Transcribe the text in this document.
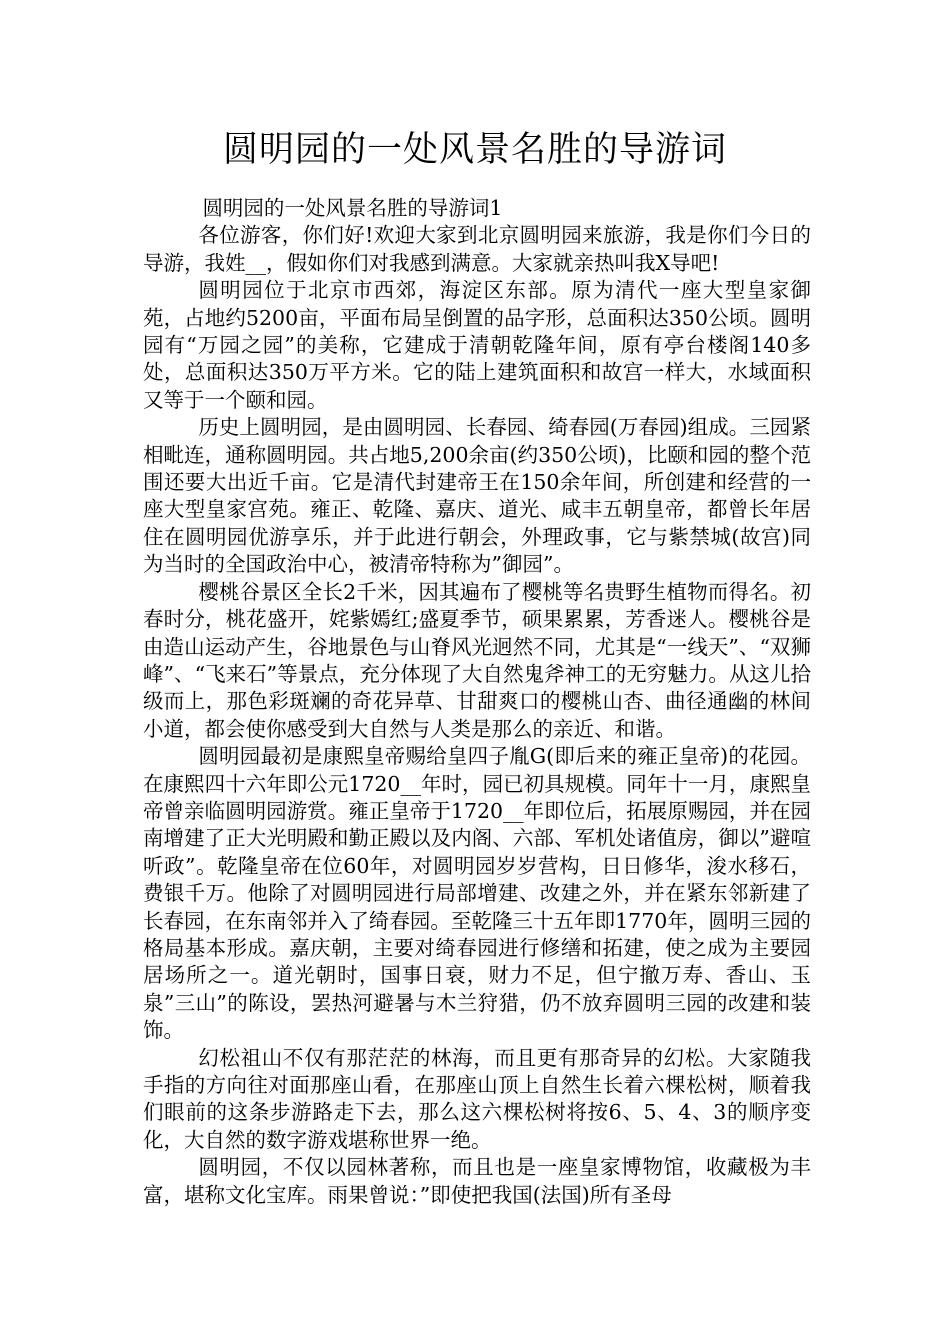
圆明园的一处风景名胜的导游词

圆明园的一处风景名胜的导游词1

各位游客，你们好!欢迎大家到北京圆明园来旅游，我是你们今日的导游，我姓__，假如你们对我感到满意。大家就亲热叫我X导吧!

圆明园位于北京市西郊，海淀区东部。原为清代一座大型皇家御苑，占地约5200亩，平面布局呈倒置的品字形，总面积达350公顷。圆明园有“万园之园”的美称，它建成于清朝乾隆年间，原有亭台楼阁140多处，总面积达350万平方米。它的陆上建筑面积和故宫一样大，水域面积又等于一个颐和园。

历史上圆明园，是由圆明园、长春园、绮春园(万春园)组成。三园紧相毗连，通称圆明园。共占地5,200余亩(约350公顷)，比颐和园的整个范围还要大出近千亩。它是清代封建帝王在150余年间，所创建和经营的一座大型皇家宫苑。雍正、乾隆、嘉庆、道光、咸丰五朝皇帝，都曾长年居住在圆明园优游享乐，并于此进行朝会，外理政事，它与紫禁城(故宫)同为当时的全国政治中心，被清帝特称为”御园”。

樱桃谷景区全长2千米，因其遍布了樱桃等名贵野生植物而得名。初春时分，桃花盛开，姹紫嫣红;盛夏季节，硕果累累，芳香迷人。樱桃谷是由造山运动产生，谷地景色与山脊风光迥然不同，尤其是“一线天”、“双狮峰”、“飞来石”等景点，充分体现了大自然鬼斧神工的无穷魅力。从这儿拾级而上，那色彩斑斓的奇花异草、甘甜爽口的樱桃山杏、曲径通幽的林间小道，都会使你感受到大自然与人类是那么的亲近、和谐。

圆明园最初是康熙皇帝赐给皇四子胤G(即后来的雍正皇帝)的花园。在康熙四十六年即公元1720__年时，园已初具规模。同年十一月，康熙皇帝曾亲临圆明园游赏。雍正皇帝于1720__年即位后，拓展原赐园，并在园南增建了正大光明殿和勤正殿以及内阁、六部、军机处诸值房，御以”避喧听政”。乾隆皇帝在位60年，对圆明园岁岁营构，日日修华，浚水移石，费银千万。他除了对圆明园进行局部增建、改建之外，并在紧东邻新建了长春园，在东南邻并入了绮春园。至乾隆三十五年即1770年，圆明三园的格局基本形成。嘉庆朝，主要对绮春园进行修缮和拓建，使之成为主要园居场所之一。道光朝时，国事日衰，财力不足，但宁撤万寿、香山、玉泉”三山”的陈设，罢热河避暑与木兰狩猎，仍不放弃圆明三园的改建和装饰。

幻松祖山不仅有那茫茫的林海，而且更有那奇异的幻松。大家随我手指的方向往对面那座山看，在那座山顶上自然生长着六棵松树，顺着我们眼前的这条步游路走下去，那么这六棵松树将按6、5、4、3的顺序变化，大自然的数字游戏堪称世界一绝。

圆明园，不仅以园林著称，而且也是一座皇家博物馆，收藏极为丰富，堪称文化宝库。雨果曾说：”即使把我国(法国)所有圣母
